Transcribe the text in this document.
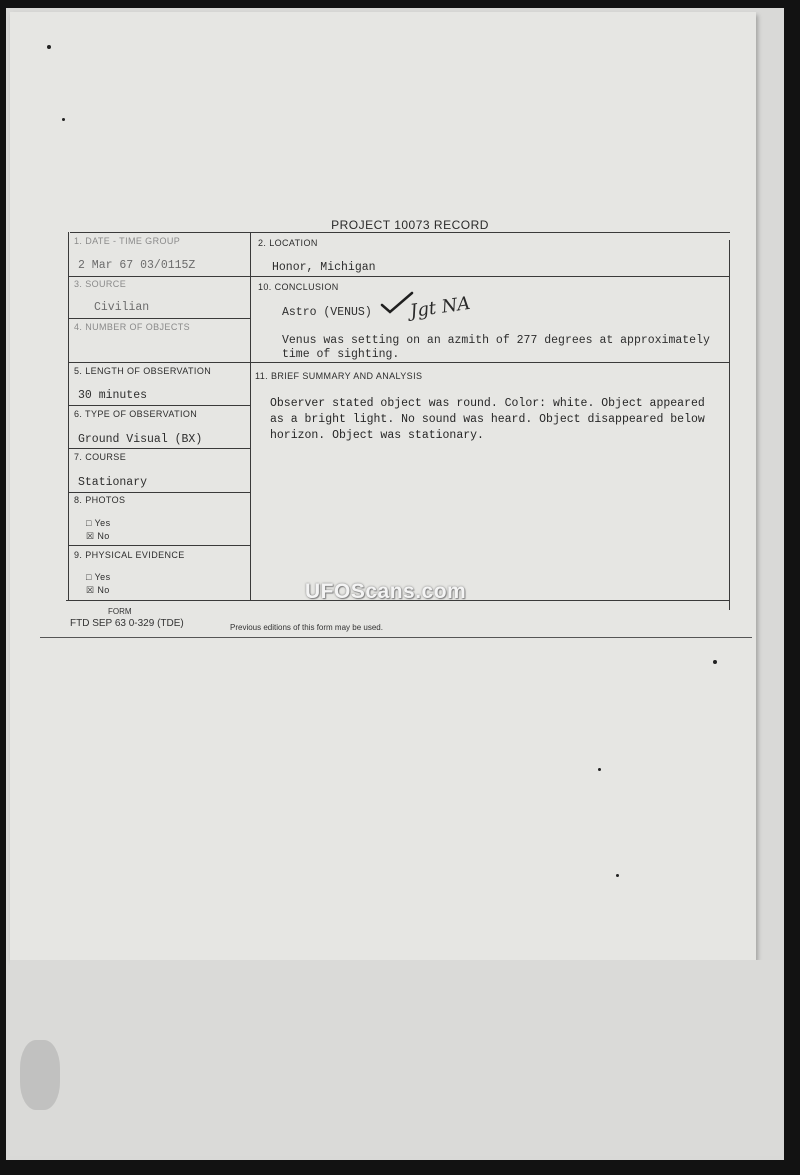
PROJECT 10073 RECORD
1. DATE - TIME GROUP
2 Mar 67 03/0115Z
3. SOURCE
Civilian
4. NUMBER OF OBJECTS
5. LENGTH OF OBSERVATION
30 minutes
6. TYPE OF OBSERVATION
Ground Visual (BX)
7. COURSE
Stationary
8. PHOTOS
□ Yes
☒ No
9. PHYSICAL EVIDENCE
□ Yes
☒ No
2. LOCATION
Honor, Michigan
10. CONCLUSION
Astro (VENUS) Jgt NA
Venus was setting on an azmith of 277 degrees at approximately
time of sighting.
11. BRIEF SUMMARY AND ANALYSIS
Observer stated object was round. Color: white. Object appeared as a bright light. No sound was heard. Object disappeared below horizon. Object was stationary.
FORM
FTD SEP 63 0-329 (TDE)	Previous editions of this form may be used.
UFOScans.com
